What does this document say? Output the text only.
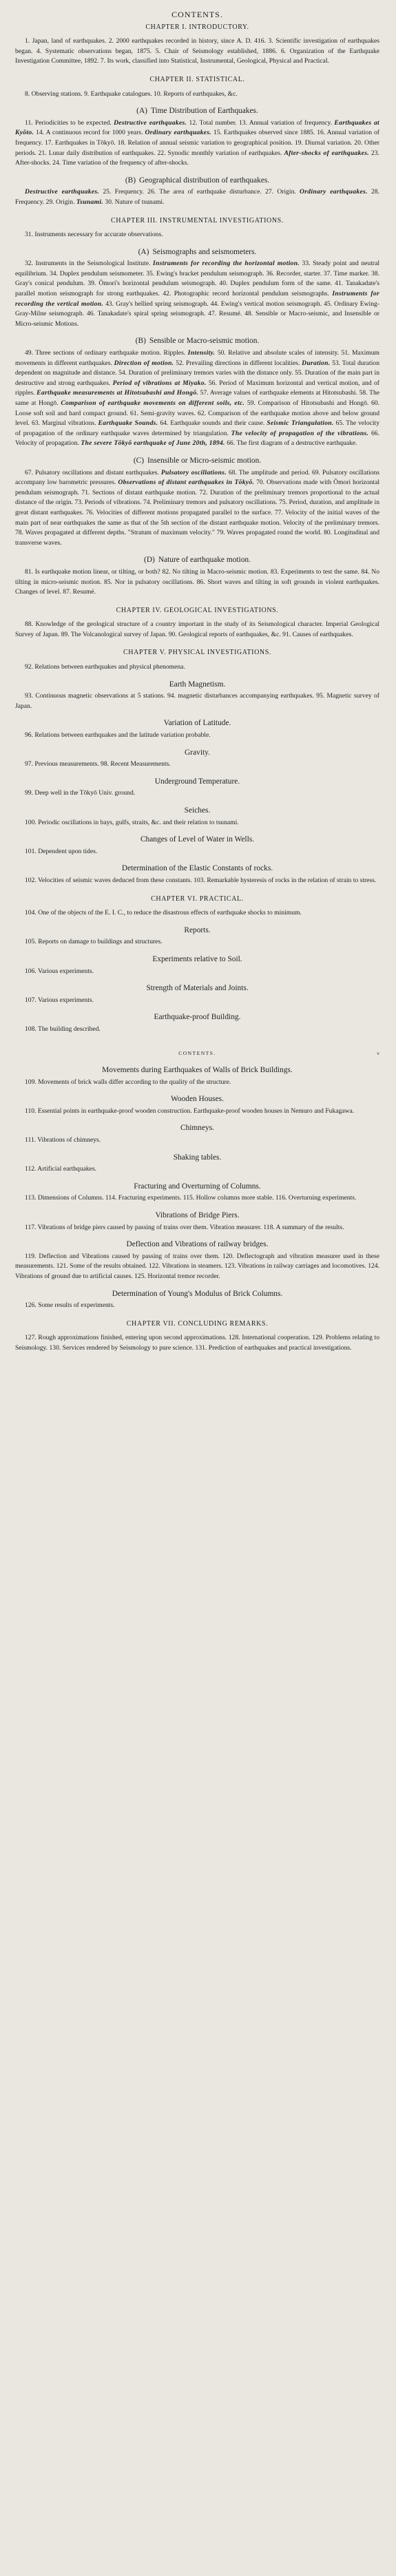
CONTENTS.
CHAPTER I. INTRODUCTORY.

1. Japan, land of earthquakes. 2. 2000 earthquakes recorded in history, since A. D. 416. 3. Scientific investigation of earthquakes began. 4. Systematic observations began, 1875. 5. Chair of Seismology established, 1886. 6. Organization of the Earthquake Investigation Committee, 1892. 7. Its work, classified into Statistical, Instrumental, Geological, Physical and Practical.

CHAPTER II. STATISTICAL.

8. Observing stations. 9. Earthquake catalogues. 10. Reports of earthquakes, &c.

(A) Time Distribution of Earthquakes.

11. Periodicities to be expected. Destructive earthquakes. 12. Total number. 13. Annual variation of frequency. Earthquakes at Kyōto. 14. A continuous record for 1000 years. Ordinary earthquakes. 15. Earthquakes observed since 1885. 16. Annual variation of frequency. 17. Earthquakes in Tōkyō. 18. Relation of annual seismic variation to geographical position. 19. Diurnal variation. 20. Other periods. 21. Lunar daily distribution of earthquakes. 22. Synodic monthly variation of earthquakes. After-shocks of earthquakes. 23. After-shocks. 24. Time variation of the frequency of after-shocks.

(B) Geographical distribution of earthquakes.

Destructive earthquakes. 25. Frequency. 26. The area of earthquake disturbance. 27. Origin. Ordinary earthquakes. 28. Frequency. 29. Origin. Tsunami. 30. Nature of tsunami.

CHAPTER III. INSTRUMENTAL INVESTIGATIONS.

31. Instruments necessary for accurate observations.

(A) Seismographs and seismometers.

32. Instruments in the Seismological Institute. Instruments for recording the horizontal motion. 33. Steady point and neutral equilibrium. 34. Duplex pendulum seismometer. 35. Ewing's bracket pendulum seismograph. 36. Recorder, starter. 37. Time marker. 38. Gray's conical pendulum. 39. Ōmori's horizontal pendulum seismograph. 40. Duplex pendulum form of the same. 41. Tanakadate's parallel motion seismograph for strong earthquakes. 42. Photographic record horizontal pendulum seismographs. Instruments for recording the vertical motion. 43. Gray's bellied spring seismograph. 44. Ewing's vertical motion seismograph. 45. Ordinary Ewing-Gray-Milne seismograph. 46. Tanakadate's spiral spring seismograph. 47. Resumé. 48. Sensible or Macro-seismic, and Insensible or Micro-seismic Motions.

(B) Sensible or Macro-seismic motion.

49. Three sections of ordinary earthquake motion. Ripples. Intensity. 50. Relative and absolute scales of intensity. 51. Maximum movements in different earthquakes. Direction of motion. 52. Prevailing directions in different localities. Duration. 53. Total duration dependent on magnitude and distance. 54. Duration of preliminary tremors varies with the distance only. 55. Duration of the main part in destructive and strong earthquakes. Period of vibrations at Miyako. 56. Period of Maximum horizontal and vertical motion, and of ripples. Earthquake measurements at Hitotsubashi and Hongō. 57. Average values of earthquake elements at Hitotsubashi. 58. The same at Hongō. Comparison of earthquake movements on different soils, etc. 59. Comparison of Hitotsubashi and Hongō. 60. Loose soft soil and hard compact ground. 61. Semi-gravity waves. 62. Comparison of the earthquake motion above and below ground level. 63. Marginal vibrations. Earthquake Sounds. 64. Earthquake sounds and their cause. Seismic Triangulation. 65. The velocity of propagation of the ordinary earthquake waves determined by triangulation. The velocity of propagation of the vibrations. 66. Velocity of propagation. The severe Tōkyō earthquake of June 20th, 1894. 66. The first diagram of a destructive earthquake.

(C) Insensible or Micro-seismic motion.

67. Pulsatory oscillations and distant earthquakes. Pulsatory oscillations. 68. The amplitude and period. 69. Pulsatory oscillations accompany low barometric pressures. Observations of distant earthquakes in Tōkyō. 70. Observations made with Ōmori horizontal pendulum seismograph. 71. Sections of distant earthquake motion. 72. Duration of the preliminary tremors proportional to the actual distance of the origin. 73. Periods of vibrations. 74. Preliminary tremors and pulsatory oscillations. 75. Period, duration, and amplitude in great distant earthquakes. 76. Velocities of different motions propagated parallel to the surface. 77. Velocity of the initial waves of the main part of near earthquakes the same as that of the 5th section of the distant earthquake motion. Velocity of the preliminary tremors. 78. Waves propagated at different depths. "Stratum of maximum velocity." 79. Waves propagated round the world. 80. Longitudinal and transverse waves.

(D) Nature of earthquake motion.

81. Is earthquake motion linear, or tilting, or both? 82. No tilting in Macro-seismic motion. 83. Experiments to test the same. 84. No tilting in micro-seismic motion. 85. Nor in pulsatory oscillations. 86. Short waves and tilting in soft grounds in violent earthquakes. Changes of level. 87. Resumé.

CHAPTER IV. GEOLOGICAL INVESTIGATIONS.

88. Knowledge of the geological structure of a country important in the study of its Seismological character. Imperial Geological Survey of Japan. 89. The Volcanological survey of Japan. 90. Geological reports of earthquakes, &c. 91. Causes of earthquakes.

CHAPTER V. PHYSICAL INVESTIGATIONS.

92. Relations between earthquakes and physical phenomena.

Earth Magnetism.

93. Continuous magnetic observations at 5 stations. 94. magnetic disturbances accompanying earthquakes. 95. Magnetic survey of Japan.

Variation of Latitude.

96. Relations between earthquakes and the latitude variation probable.

Gravity.

97. Previous measurements. 98. Recent Measurements.

Underground Temperature.

99. Deep well in the Tōkyō Univ. ground.

Seiches.

100. Periodic oscillations in bays, gulfs, straits, &c. and their relation to tsunami.

Changes of Level of Water in Wells.

101. Dependent upon tides.

Determination of the Elastic Constants of rocks.

102. Velocities of seismic waves deduced from these constants. 103. Remarkable hysteresis of rocks in the relation of strain to stress.

CHAPTER VI. PRACTICAL.

104. One of the objects of the E. I. C., to reduce the disastrous effects of earthquake shocks to minimum.

Reports.

105. Reports on damage to buildings and structures.

Experiments relative to Soil.

106. Various experiments.

Strength of Materials and Joints.

107. Various experiments.

Earthquake-proof Building.

108. The building described.

CONTENTS.	v
Movements during Earthquakes of Walls of Brick Buildings.

109. Movements of brick walls differ according to the quality of the structure.

Wooden Houses.

110. Essential points in earthquake-proof wooden construction. Earthquake-proof wooden houses in Nemuro and Fukagawa.

Chimneys.

111. Vibrations of chimneys.

Shaking tables.

112. Artificial earthquakes.

Fracturing and Overturning of Columns.

113. Dimensions of Columns. 114. Fracturing experiments. 115. Hollow columns more stable. 116. Overturning experiments.

Vibrations of Bridge Piers.

117. Vibrations of bridge piers caused by passing of trains over them. Vibration measurer. 118. A summary of the results.

Deflection and Vibrations of railway bridges.

119. Deflection and Vibrations caused by passing of trains over them. 120. Deflectograph and vibration measurer used in these measurements. 121. Some of the results obtained. 122. Vibrations in steamers. 123. Vibrations in railway carriages and locomotives. 124. Vibrations of ground due to artificial causes. 125. Horizontal tremor recorder.

Determination of Young's Modulus of Brick Columns.

126. Some results of experiments.

CHAPTER VII. CONCLUDING REMARKS.

127. Rough approximations finished, entering upon second approximations. 128. International cooperation. 129. Problems relating to Seismology. 130. Services rendered by Seismology to pure science. 131. Prediction of earthquakes and practical investigations.
